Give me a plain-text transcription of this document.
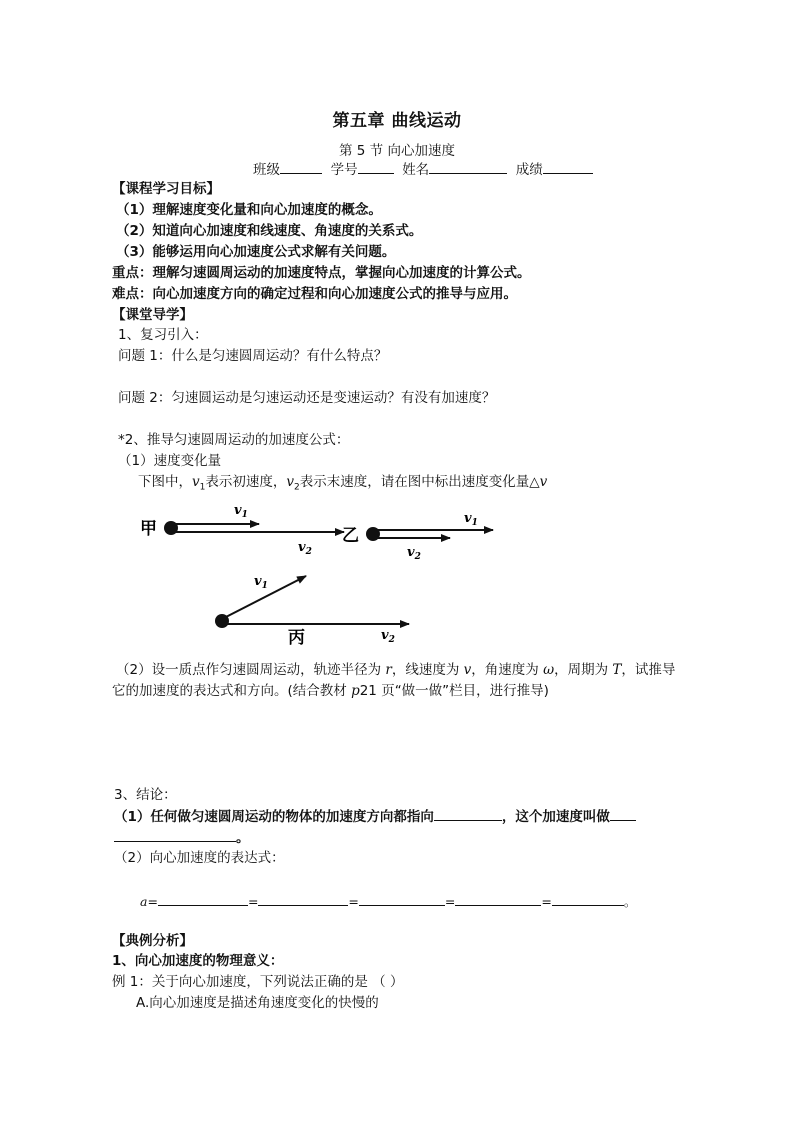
第五章 曲线运动
第 5 节 向心加速度
班级	学号	姓名	成绩
【课程学习目标】
（1）理解速度变化量和向心加速度的概念。
（2）知道向心加速度和线速度、角速度的关系式。
（3）能够运用向心加速度公式求解有关问题。
重点：理解匀速圆周运动的加速度特点，掌握向心加速度的计算公式。
难点：向心加速度方向的确定过程和向心加速度公式的推导与应用。
【课堂导学】
1、复习引入：
问题 1：什么是匀速圆周运动？有什么特点？
问题 2：匀速圆运动是匀速运动还是变速运动？有没有加速度？
*2、推导匀速圆周运动的加速度公式：
（1）速度变化量
下图中，$v_1$表示初速度，$v_2$表示末速度，请在图中标出速度变化量△v
甲
$v_1$
$v_2$
乙
$v_1$
$v_2$
$v_1$
$v_2$
丙
（2）设一质点作匀速圆周运动，轨迹半径为 r，线速度为 v，角速度为 ω，周期为 T，试推导
它的加速度的表达式和方向。(结合教材 p21 页“做一做”栏目，进行推导)
3、结论：
（1）任何做匀速圆周运动的物体的加速度方向都指向	，这个加速度叫做
。
（2）向心加速度的表达式：
a=	=	=	=	=	。
【典例分析】
1、向心加速度的物理意义：
例 1：关于向心加速度，下列说法正确的是 （ ）
A.向心加速度是描述角速度变化的快慢的
